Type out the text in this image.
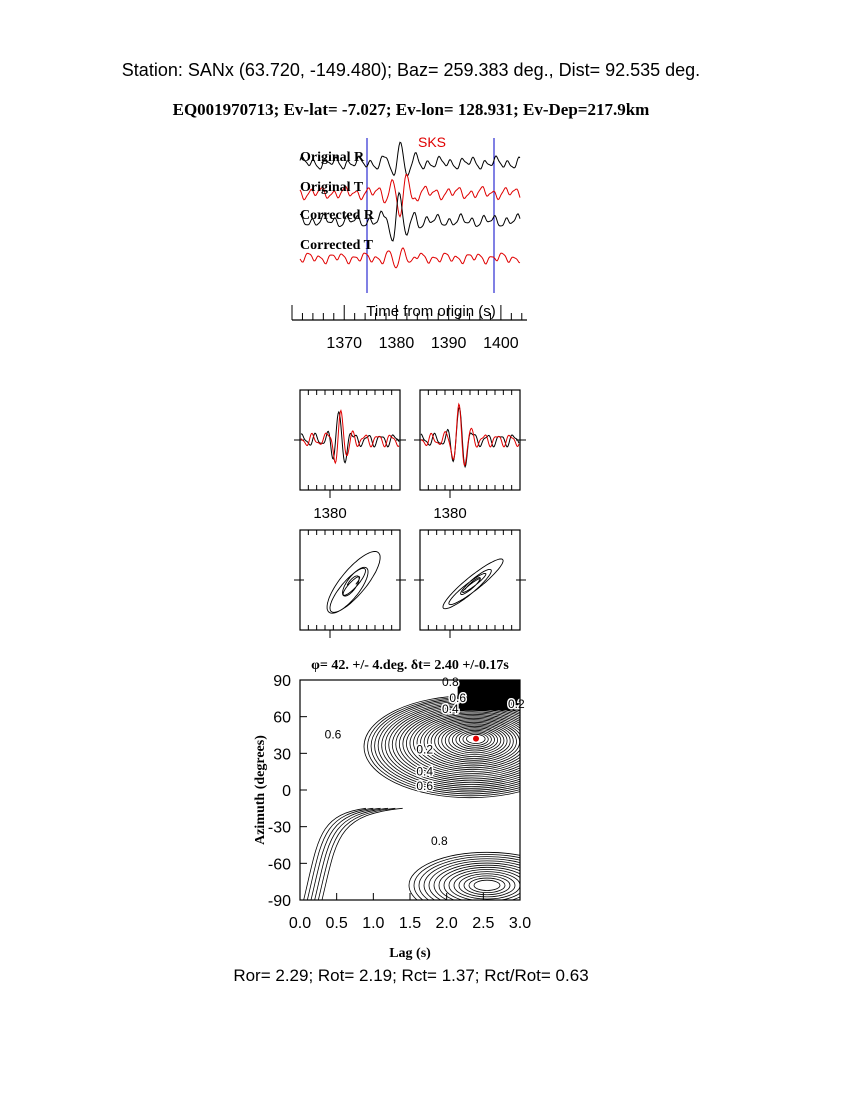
Station: SANx (63.720, -149.480); Baz= 259.383 deg., Dist= 92.535 deg.
EQ001970713; Ev-lat= -7.027; Ev-lon= 128.931; Ev-Dep=217.9km
SKS
Original R
Original T
Corrected R
Corrected T
Time from origin (s)
1370 1380 1390 1400
1380	1380
φ= 42. +/- 4.deg. δt= 2.40 +/-0.17s
0.8
0.6
0.4	0.2
0.6
0.2
0.4
0.6
0.8
0.0 0.5 1.0 1.5 2.0 2.5 3.0
-90
-60
-30
0
30
60
90
Lag (s)
Azimuth (degrees)
Ror= 2.29; Rot= 2.19; Rct= 1.37; Rct/Rot= 0.63
